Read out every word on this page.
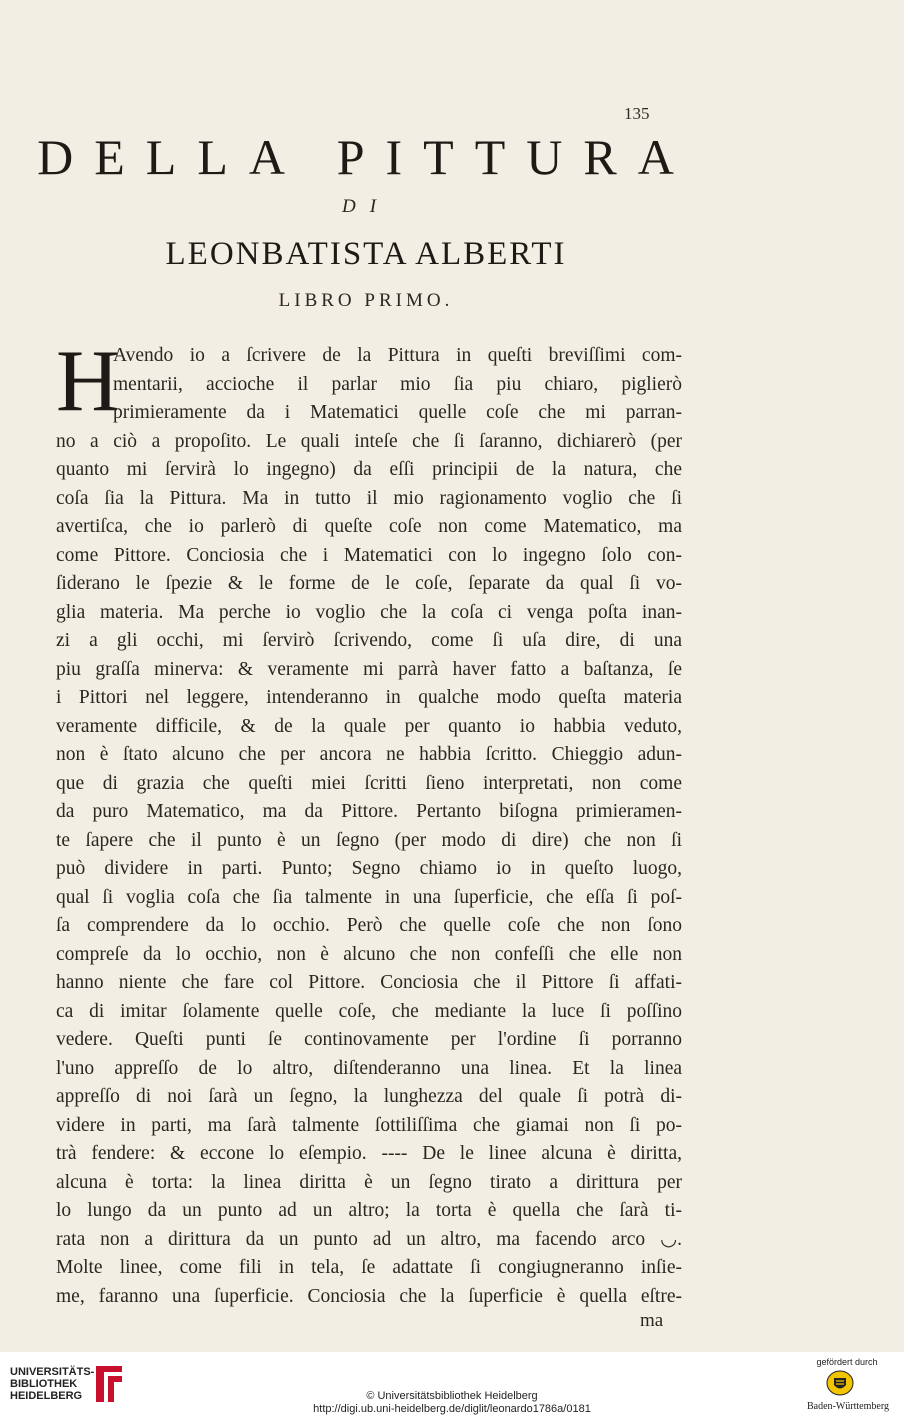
135
DELLA PITTURA
DI
LEONBATISTA ALBERTI
LIBRO PRIMO.
H
Avendo io a ſcrivere de la Pittura in queſti breviſſimi com-
mentarii, accioche il parlar mio ſia piu chiaro, piglierò
primieramente da i Matematici quelle coſe che mi parran-
no a ciò a propoſito. Le quali inteſe che ſi ſaranno, dichiarerò (per
quanto mi ſervirà lo ingegno) da eſſi principii de la natura, che
coſa ſia la Pittura. Ma in tutto il mio ragionamento voglio che ſi
avertiſca, che io parlerò di queſte coſe non come Matematico, ma
come Pittore. Conciosia che i Matematici con lo ingegno ſolo con-
ſiderano le ſpezie & le forme de le coſe, ſeparate da qual ſi vo-
glia materia. Ma perche io voglio che la coſa ci venga poſta inan-
zi a gli occhi, mi ſervirò ſcrivendo, come ſi uſa dire, di una
piu graſſa minerva: & veramente mi parrà haver fatto a baſtanza, ſe
i Pittori nel leggere, intenderanno in qualche modo queſta materia
veramente difficile, & de la quale per quanto io habbia veduto,
non è ſtato alcuno che per ancora ne habbia ſcritto. Chieggio adun-
que di grazia che queſti miei ſcritti ſieno interpretati, non come
da puro Matematico, ma da Pittore. Pertanto biſogna primieramen-
te ſapere che il punto è un ſegno (per modo di dire) che non ſi
può dividere in parti. Punto; Segno chiamo io in queſto luogo,
qual ſi voglia coſa che ſia talmente in una ſuperficie, che eſſa ſi poſ-
ſa comprendere da lo occhio. Però che quelle coſe che non ſono
compreſe da lo occhio, non è alcuno che non confeſſi che elle non
hanno niente che fare col Pittore. Conciosia che il Pittore ſi affati-
ca di imitar ſolamente quelle coſe, che mediante la luce ſi poſſino
vedere. Queſti punti ſe continovamente per l'ordine ſi porranno
l'uno appreſſo de lo altro, diſtenderanno una linea. Et la linea
appreſſo di noi ſarà un ſegno, la lunghezza del quale ſi potrà di-
videre in parti, ma ſarà talmente ſottiliſſima che giamai non ſi po-
trà fendere: & eccone lo eſempio. ---- De le linee alcuna è diritta,
alcuna è torta: la linea diritta è un ſegno tirato a dirittura per
lo lungo da un punto ad un altro; la torta è quella che ſarà ti-
rata non a dirittura da un punto ad un altro, ma facendo arco ◡.
Molte linee, come fili in tela, ſe adattate ſi congiugneranno inſie-
me, faranno una ſuperficie. Conciosia che la ſuperficie è quella eſtre-
ma
UNIVERSITÄTS-
BIBLIOTHEK
HEIDELBERG	© Universitätsbibliothek Heidelberg
http://digi.ub.uni-heidelberg.de/diglit/leonardo1786a/0181
gefördert durch
Baden-Württemberg
